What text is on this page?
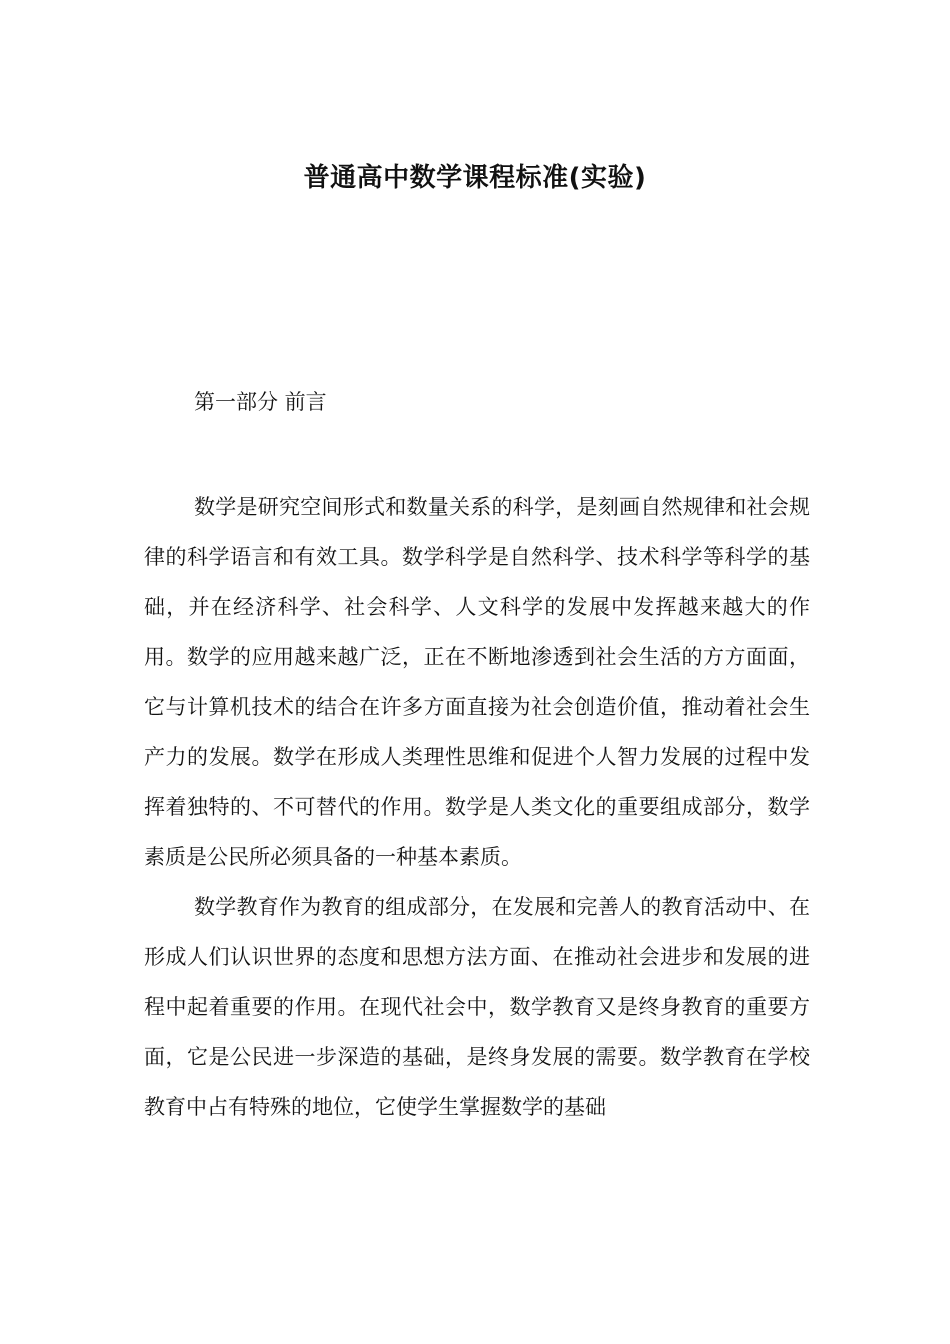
普通高中数学课程标准(实验)
第一部分 前言

数学是研究空间形式和数量关系的科学，是刻画自然规律和社会规律的科学语言和有效工具。数学科学是自然科学、技术科学等科学的基础，并在经济科学、社会科学、人文科学的发展中发挥越来越大的作用。数学的应用越来越广泛，正在不断地渗透到社会生活的方方面面，它与计算机技术的结合在许多方面直接为社会创造价值，推动着社会生产力的发展。数学在形成人类理性思维和促进个人智力发展的过程中发挥着独特的、不可替代的作用。数学是人类文化的重要组成部分，数学素质是公民所必须具备的一种基本素质。

数学教育作为教育的组成部分，在发展和完善人的教育活动中、在形成人们认识世界的态度和思想方法方面、在推动社会进步和发展的进程中起着重要的作用。在现代社会中，数学教育又是终身教育的重要方面，它是公民进一步深造的基础，是终身发展的需要。数学教育在学校教育中占有特殊的地位，它使学生掌握数学的基础
